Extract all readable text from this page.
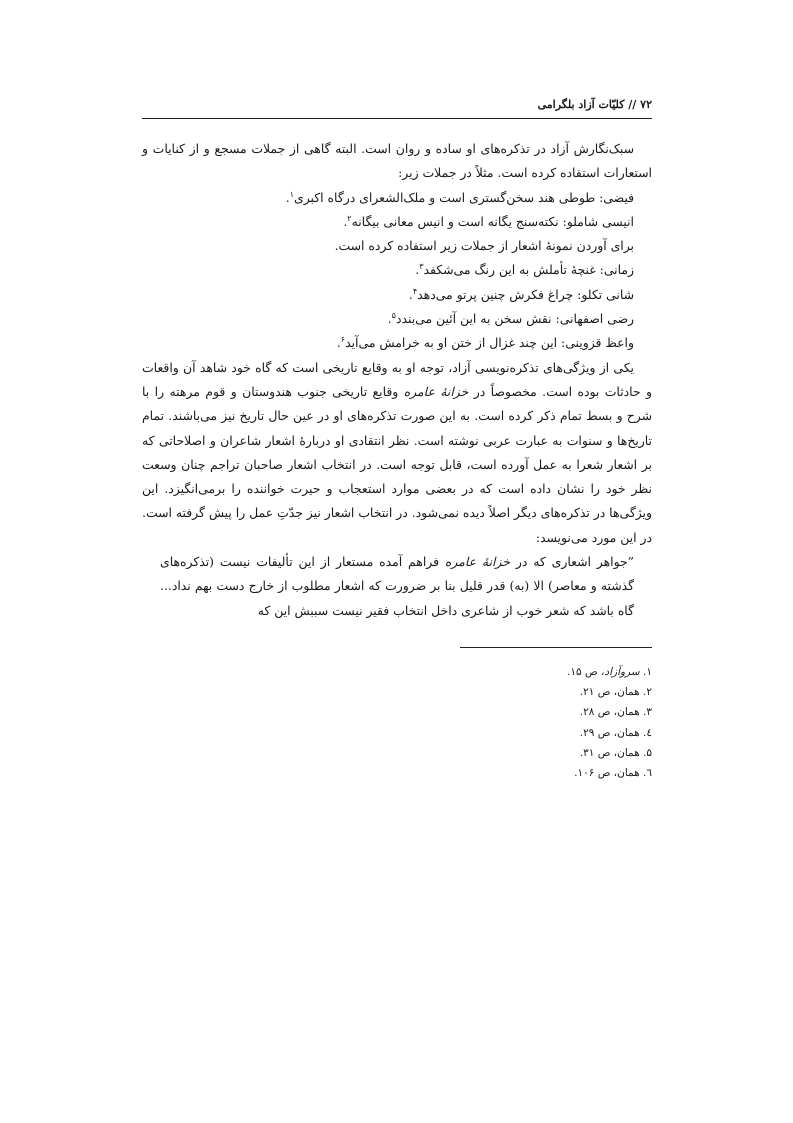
۷۲ // کلیّات آزاد بلگرامی

سبک‌نگارش آزاد در تذکره‌های او ساده و روان است. البته گاهی از جملات مسجع و از کنایات و استعارات استفاده کرده است. مثلاً در جملات زیر:

فیضی: طوطی هند سخن‌گستری است و ملک‌الشعرای درگاه اکبری$^۱$.

انیسی شاملو: نکته‌سنج یگانه است و انیس معانی بیگانه$^۲$.

برای آوردن نمونهٔ اشعار از جملات زیر استفاده کرده است.

زمانی: غنچهٔ تأملش به این رنگ می‌شکفد$^۳$.

شانی تکلو: چراغ فکرش چنین پرتو می‌دهد$^۴$.

رضی اصفهانی: نقش سخن به این آئین می‌بندد$^۵$.

واعظ قزوینی: این چند غزال از ختن او به خرامش می‌آید$^۶$.

یکی از ویژگی‌های تذکره‌نویسی آزاد، توجه او به وقایع تاریخی است که گاه خود شاهد آن واقعات و حادثات بوده است. مخصوصاً در خزانهٔ عامره وقایع تاریخی جنوب هندوستان و قوم مرهته را با شرح و بسط تمام ذکر کرده است. به این صورت تذکره‌های او در عین حال تاریخ نیز می‌باشند. تمام تاریخ‌ها و سنوات به عبارت عربی نوشته است. نظر انتقادی او دربارهٔ اشعار شاعران و اصلاحاتی که بر اشعار شعرا به عمل آورده است، قابل توجه است. در انتخاب اشعار صاحبان تراجم چنان وسعت نظر خود را نشان داده است که در بعضی موارد استعجاب و حیرت خواننده را برمی‌انگیزد. این ویژگی‌ها در تذکره‌های دیگر اصلاً دیده نمی‌شود. در انتخاب اشعار نیز جدّتِ عمل را پیش گرفته است. در این مورد می‌نویسد:

”جواهر اشعاری که در خزانهٔ عامره فراهم آمده مستعار از این تألیفات نیست (تذکره‌های گذشته و معاصر) الا (به) قدر قلیل بنا بر ضرورت که اشعار مطلوب از خارج دست بهم نداد... گاه باشد که شعر خوب از شاعری داخل انتخاب فقیر نیست سببش این که

۱. سروآزاد، ص ۱۵.
۲. همان، ص ۲۱.
۳. همان، ص ۲۸.
٤. همان، ص ۲۹.
۵. همان، ص ۳۱.
٦. همان، ص ۱۰۶.
